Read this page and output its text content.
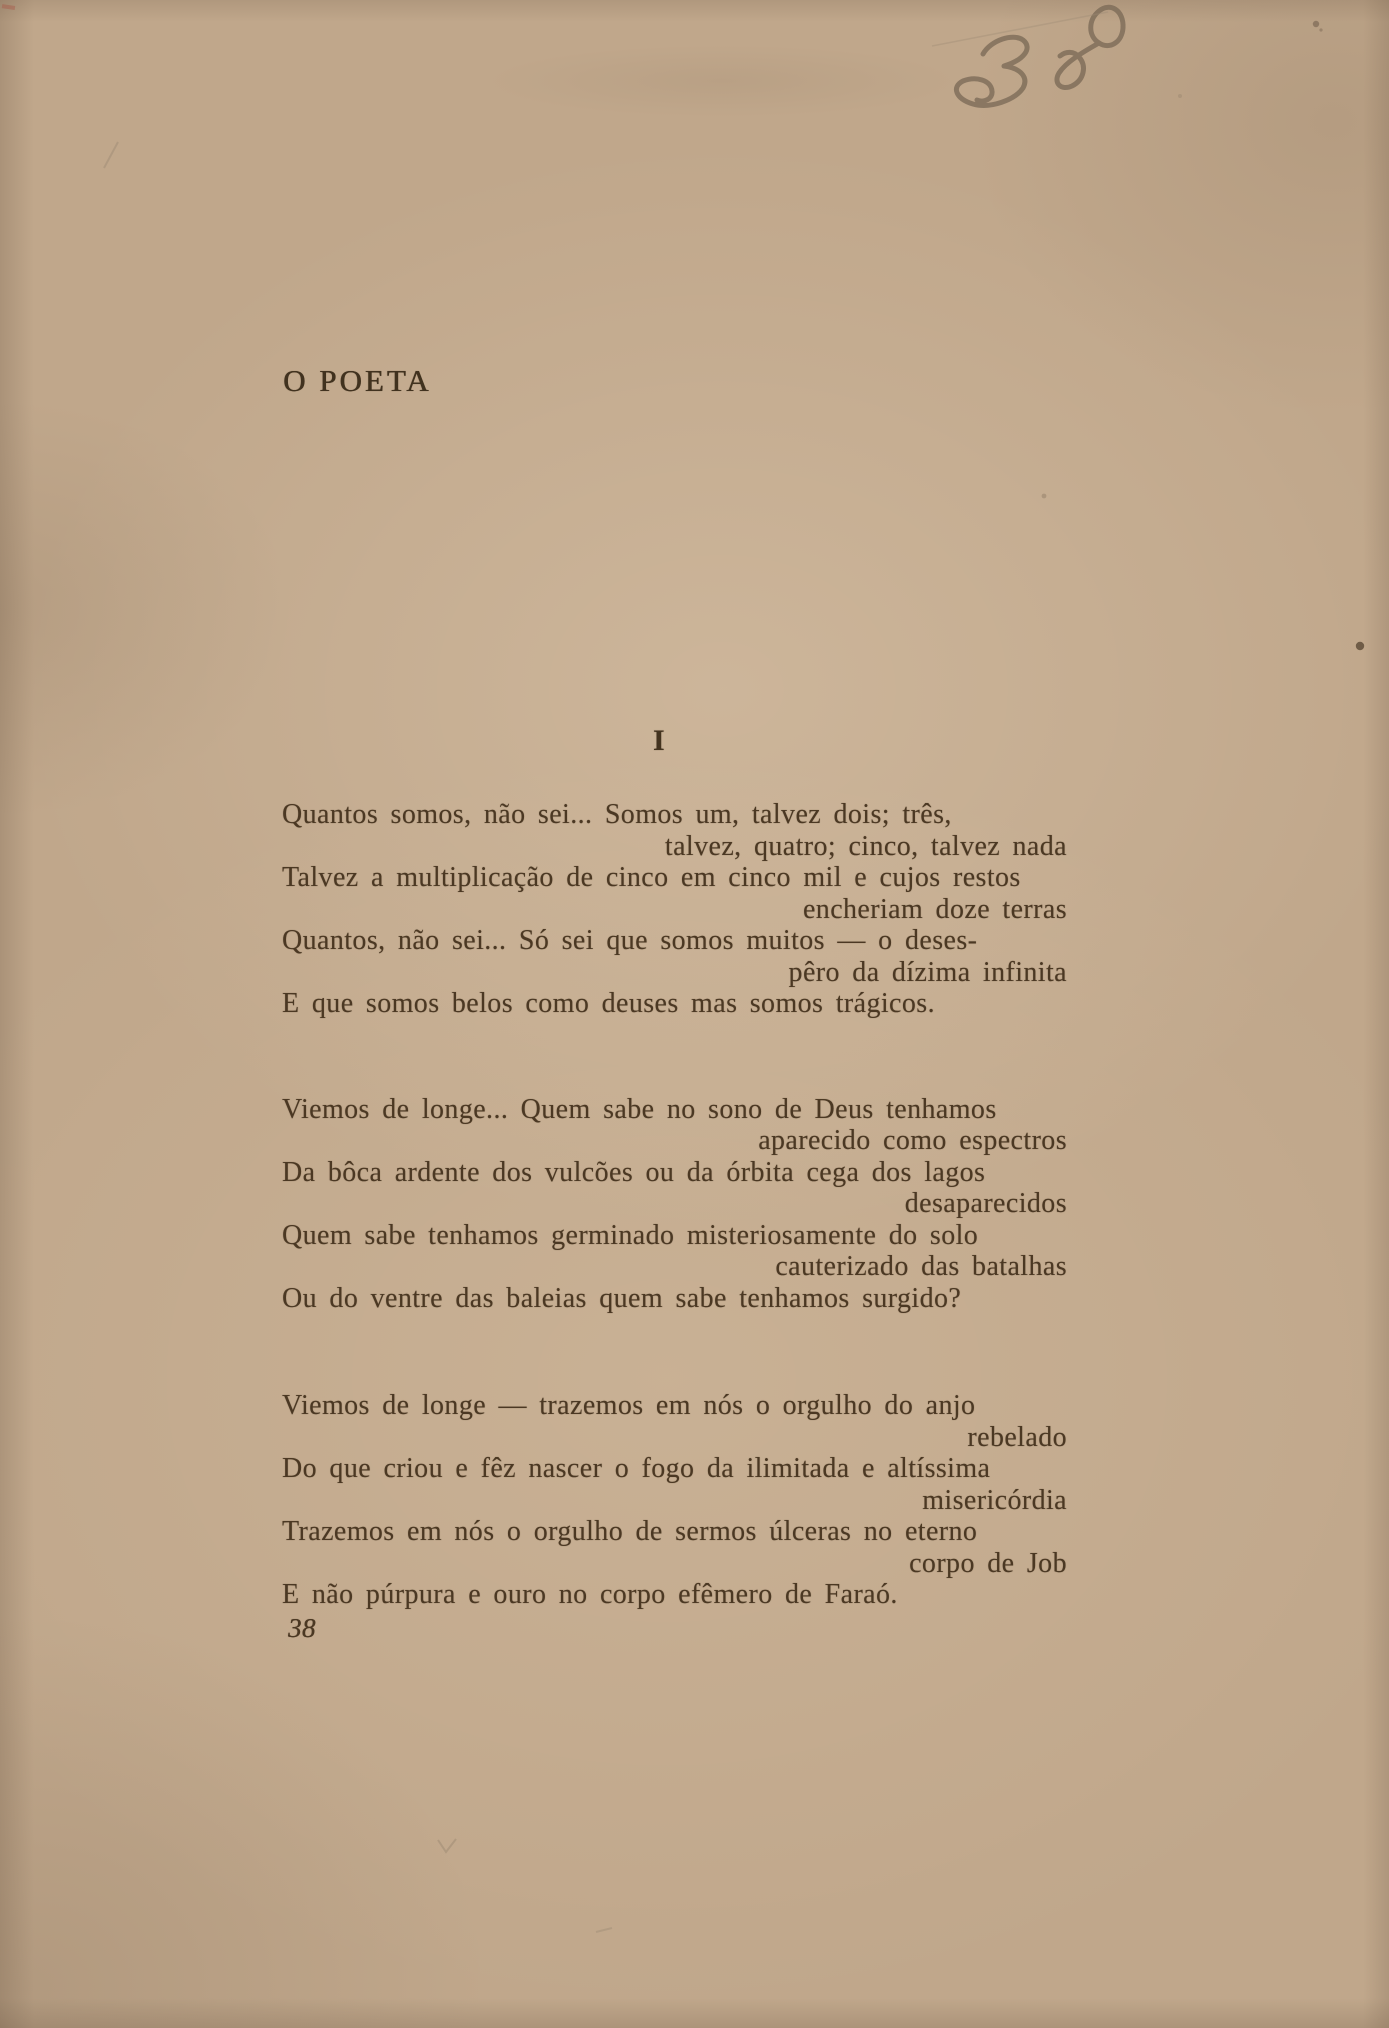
O POETA
I
Quantos somos, não sei... Somos um, talvez dois; três,
talvez, quatro; cinco, talvez nada
Talvez a multiplicação de cinco em cinco mil e cujos restos
encheriam doze terras
Quantos, não sei... Só sei que somos muitos — o deses-
pêro da dízima infinita
E que somos belos como deuses mas somos trágicos.
Viemos de longe... Quem sabe no sono de Deus tenhamos
aparecido como espectros
Da bôca ardente dos vulcões ou da órbita cega dos lagos
desaparecidos
Quem sabe tenhamos germinado misteriosamente do solo
cauterizado das batalhas
Ou do ventre das baleias quem sabe tenhamos surgido?
Viemos de longe — trazemos em nós o orgulho do anjo
rebelado
Do que criou e fêz nascer o fogo da ilimitada e altíssima
misericórdia
Trazemos em nós o orgulho de sermos úlceras no eterno
corpo de Job
E não púrpura e ouro no corpo efêmero de Faraó.
38
